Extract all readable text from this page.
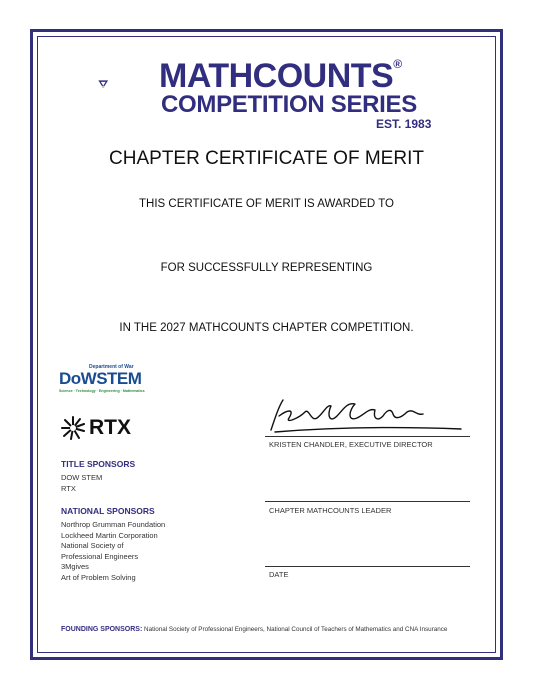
MATHCOUNTS®
COMPETITION SERIES
EST. 1983
CHAPTER CERTIFICATE OF MERIT
THIS CERTIFICATE OF MERIT IS AWARDED TO
FOR SUCCESSFULLY REPRESENTING
IN THE 2027 MATHCOUNTS CHAPTER COMPETITION.
Department of War
DoWSTEM
Science · Technology · Engineering · Mathematics
RTX
TITLE SPONSORS
DOW STEM
RTX
NATIONAL SPONSORS
Northrop Grumman Foundation
Lockheed Martin Corporation
National Society of
Professional Engineers
3Mgives
Art of Problem Solving
KRISTEN CHANDLER, EXECUTIVE DIRECTOR
CHAPTER MATHCOUNTS LEADER
DATE
FOUNDING SPONSORS: National Society of Professional Engineers, National Council of Teachers of Mathematics and CNA Insurance
